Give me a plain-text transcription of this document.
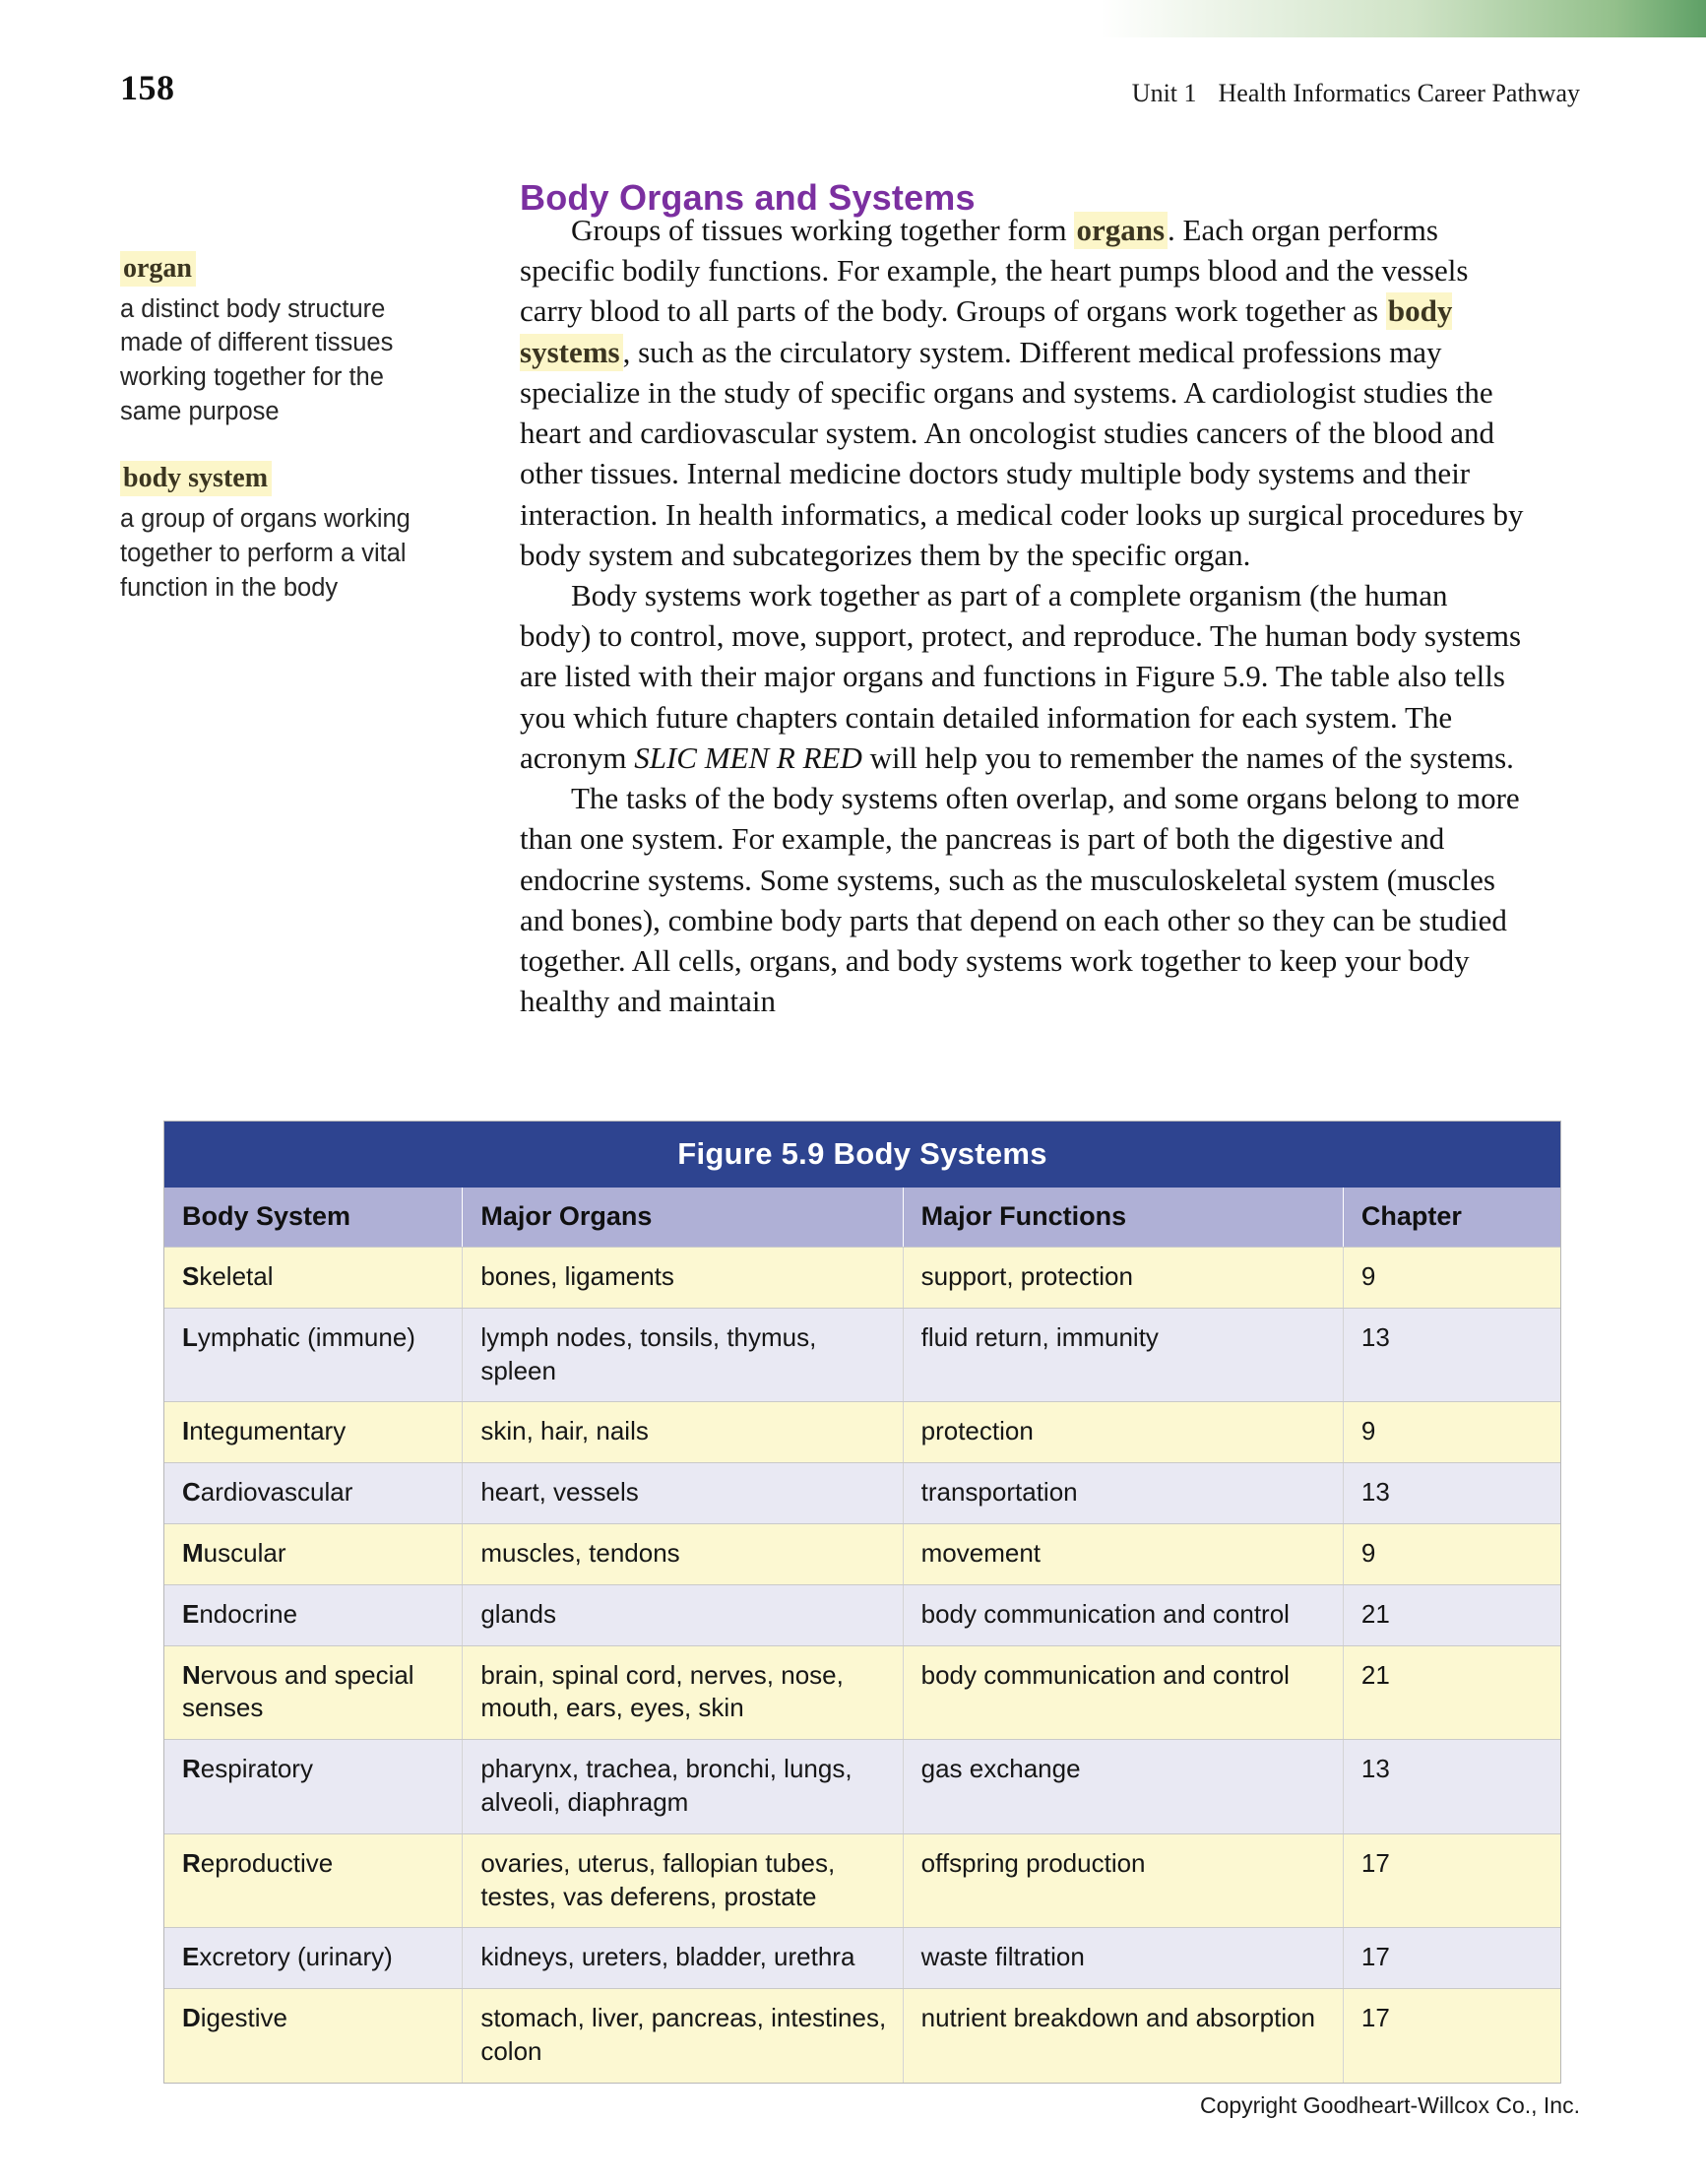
158	Unit 1 Health Informatics Career Pathway
Body Organs and Systems
organ
a distinct body structure made of different tissues working together for the same purpose
body system
a group of organs working together to perform a vital function in the body

Groups of tissues working together form organs. Each organ performs specific bodily functions. For example, the heart pumps blood and the vessels carry blood to all parts of the body. Groups of organs work together as body systems, such as the circulatory system. Different medical professions may specialize in the study of specific organs and systems. A cardiologist studies the heart and cardiovascular system. An oncologist studies cancers of the blood and other tissues. Internal medicine doctors study multiple body systems and their interaction. In health informatics, a medical coder looks up surgical procedures by body system and subcategorizes them by the specific organ.

Body systems work together as part of a complete organism (the human body) to control, move, support, protect, and reproduce. The human body systems are listed with their major organs and functions in Figure 5.9. The table also tells you which future chapters contain detailed information for each system. The acronym SLIC MEN R RED will help you to remember the names of the systems.

The tasks of the body systems often overlap, and some organs belong to more than one system. For example, the pancreas is part of both the digestive and endocrine systems. Some systems, such as the musculoskeletal system (muscles and bones), combine body parts that depend on each other so they can be studied together. All cells, organs, and body systems work together to keep your body healthy and maintain

Figure 5.9 Body Systems
Body System	Major Organs	Major Functions	Chapter
Skeletal	bones, ligaments	support, protection	9
Lymphatic (immune)	lymph nodes, tonsils, thymus, spleen	fluid return, immunity	13
Integumentary	skin, hair, nails	protection	9
Cardiovascular	heart, vessels	transportation	13
Muscular	muscles, tendons	movement	9
Endocrine	glands	body communication and control	21
Nervous and special senses	brain, spinal cord, nerves, nose, mouth, ears, eyes, skin	body communication and control	21
Respiratory	pharynx, trachea, bronchi, lungs, alveoli, diaphragm	gas exchange	13
Reproductive	ovaries, uterus, fallopian tubes, testes, vas deferens, prostate	offspring production	17
Excretory (urinary)	kidneys, ureters, bladder, urethra	waste filtration	17
Digestive	stomach, liver, pancreas, intestines, colon	nutrient breakdown and absorption	17
Copyright Goodheart-Willcox Co., Inc.
